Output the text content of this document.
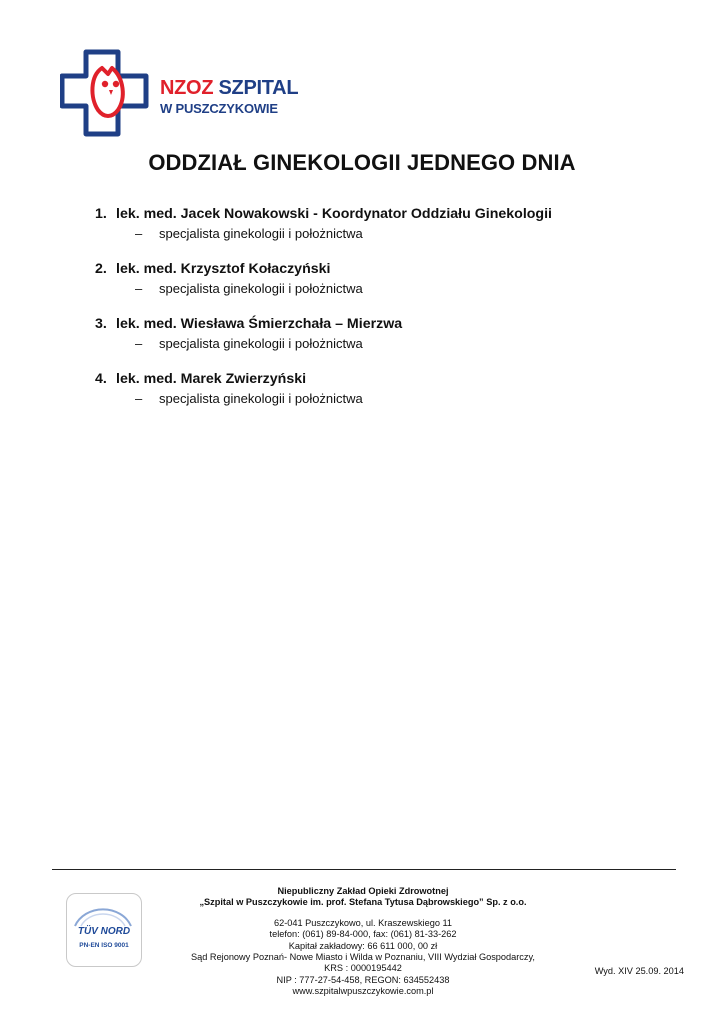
NZOZ SZPITAL
W PUSZCZYKOWIE
ODDZIAŁ GINEKOLOGII JEDNEGO DNIA
1. lek. med. Jacek Nowakowski - Koordynator Oddziału Ginekologii
– specjalista ginekologii i położnictwa
2. lek. med. Krzysztof Kołaczyński
– specjalista ginekologii i położnictwa
3. lek. med. Wiesława Śmierzchała – Mierzwa
– specjalista ginekologii i położnictwa
4. lek. med. Marek Zwierzyński
– specjalista ginekologii i położnictwa
TÜV NORD
PN-EN ISO 9001
Niepubliczny Zakład Opieki Zdrowotnej
„Szpital w Puszczykowie im. prof. Stefana Tytusa Dąbrowskiego” Sp. z o.o.
62-041 Puszczykowo, ul. Kraszewskiego 11
telefon: (061) 89-84-000, fax: (061) 81-33-262
Kapitał zakładowy: 66 611 000, 00 zł
Sąd Rejonowy Poznań- Nowe Miasto i Wilda w Poznaniu, VIII Wydział Gospodarczy,
KRS : 0000195442
NIP : 777-27-54-458, REGON: 634552438
www.szpitalwpuszczykowie.com.pl
Wyd. XIV 25.09. 2014
